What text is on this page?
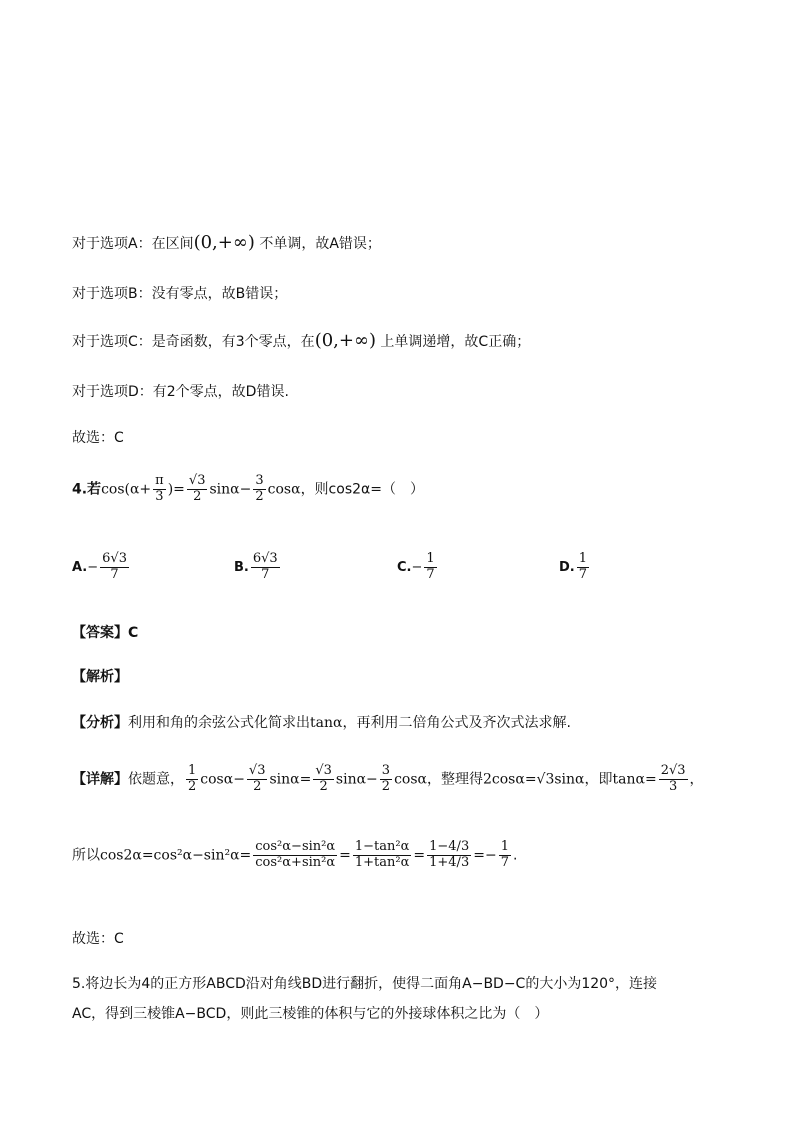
对于选项A：在区间(0,+∞) 不单调，故A错误；
对于选项B：没有零点，故B错误；
对于选项C：是奇函数，有3个零点，在(0,+∞) 上单调递增，故C正确；
对于选项D：有2个零点，故D错误.
故选：C
4.若$\cos(\alpha+ \frac{\pi}{3}$ )= $\frac{√3}{2} \sin\alpha- \frac{3}{2}$ cosα，则cos2α=（　）
$A.- \frac{6√3}{7}$	B. $\frac{6√3}{7}$	$C.- \frac{1}{7}$	D. $\frac{1}{7}$
【答案】C
【解析】
【分析】利用和角的余弦公式化简求出tanα，再利用二倍角公式及齐次式法求解.
【详解】依题意， $\frac{1}{2} \cos\alpha- \frac{√3}{2} \sin\alpha= \frac{√3}{2} \sin\alpha- \frac{3}{2}$ cosα，整理得2cosα=√3sinα，即$\tan\alpha= \frac{2√3}{3}$ ，
所以$\cos 2\alpha=\cos^2\alpha-\sin^2\alpha= \frac{\text{cos²α−sin²α}}{\text{cos²α+sin²α}} = \frac{\text{1−tan²α}}{\text{1+tan²α}} = \frac{1-4/3}{1+4/3} =- \frac{1}{7}$ .
故选：C
5.将边长为4的正方形ABCD沿对角线BD进行翻折，使得二面角A−BD−C的大小为120°，连接
AC，得到三棱锥A−BCD，则此三棱锥的体积与它的外接球体积之比为（　）
